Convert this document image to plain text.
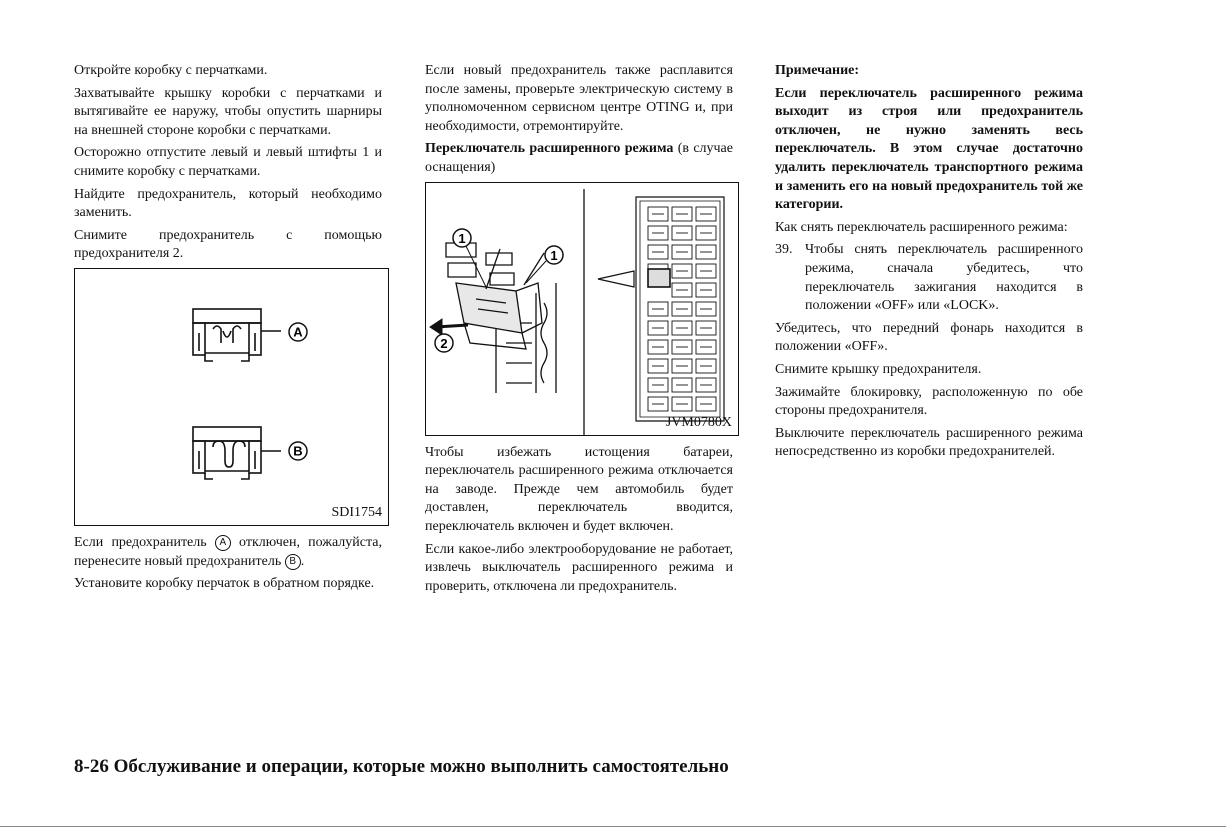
Откройте коробку с перчатками.

Захватывайте крышку коробки с перчатками и вытягивайте ее наружу, чтобы опустить шарниры на внешней стороне коробки с перчатками.

Осторожно отпустите левый и левый штифты 1 и снимите коробку с перчатками.

Найдите предохранитель, который необходимо заменить.

Снимите предохранитель с помощью предохранителя 2.

A
B
SDI1754

Если предохранитель A отключен, пожалуйста, перенесите новый предохранитель B .

Установите коробку перчаток в обратном порядке.

Если новый предохранитель также расплавится после замены, проверьте электрическую систему в уполномоченном сервисном центре OTING и, при необходимости, отремонтируйте.

Переключатель расширенного режима (в случае оснащения)

1
1
2
JVM0780X

Чтобы избежать истощения батареи, переключатель расширенного режима отключается на заводе. Прежде чем автомобиль будет доставлен, переключатель вводится, переключатель включен и будет включен.

Если какое-либо электрооборудование не работает, извлечь выключатель расширенного режима и проверить, отключена ли предохранитель.

Примечание:

Если переключатель расширенного режима выходит из строя или предохранитель отключен, не нужно заменять весь переключатель. В этом случае достаточно удалить переключатель транспортного режима и заменить его на новый предохранитель той же категории.

Как снять переключатель расширенного режима:

39. Чтобы снять переключатель расширенного режима, сначала убедитесь, что переключатель зажигания находится в положении «OFF» или «LOCK».

Убедитесь, что передний фонарь находится в положении «OFF».

Снимите крышку предохранителя.

Зажимайте блокировку, расположенную по обе стороны предохранителя.

Выключите переключатель расширенного режима непосредственно из коробки предохранителей.

8-26 Обслуживание и операции, которые можно выполнить самостоятельно
